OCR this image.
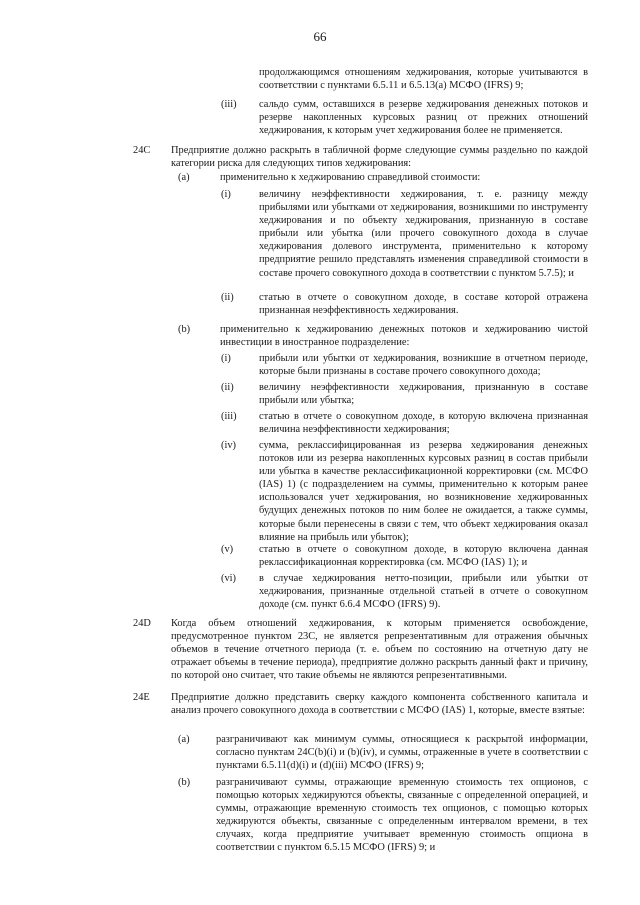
66
продолжающимся отношениям хеджирования, которые учитываются в соответствии с пунктами 6.5.11 и 6.5.13(a) МСФО (IFRS) 9;
(iii) сальдо сумм, оставшихся в резерве хеджирования денежных потоков и резерве накопленных курсовых разниц от прежних отношений хеджирования, к которым учет хеджирования более не применяется.
24C Предприятие должно раскрыть в табличной форме следующие суммы раздельно по каждой категории риска для следующих типов хеджирования:
(a)	применительно к хеджированию справедливой стоимости:
(i)	величину неэффективности хеджирования, т. е. разницу между прибылями или убытками от хеджирования, возникшими по инструменту хеджирования и по объекту хеджирования, признанную в составе прибыли или убытка (или прочего совокупного дохода в случае хеджирования долевого инструмента, применительно к которому предприятие решило представлять изменения справедливой стоимости в составе прочего совокупного дохода в соответствии с пунктом 5.7.5); и
(ii) статью в отчете о совокупном доходе, в составе которой отражена признанная неэффективность хеджирования.
(b)	применительно к хеджированию денежных потоков и хеджированию чистой инвестиции в иностранное подразделение:
(i)	прибыли или убытки от хеджирования, возникшие в отчетном периоде, которые были признаны в составе прочего совокупного дохода;
(ii) величину неэффективности хеджирования, признанную в составе прибыли или убытка;
(iii) статью в отчете о совокупном доходе, в которую включена признанная величина неэффективности хеджирования;
(iv) сумма, реклассифицированная из резерва хеджирования денежных потоков или из резерва накопленных курсовых разниц в состав прибыли или убытка в качестве реклассификационной корректировки (см. МСФО (IAS) 1) (с подразделением на суммы, применительно к которым ранее использовался учет хеджирования, но возникновение хеджированных будущих денежных потоков по ним более не ожидается, а также суммы, которые были перенесены в связи с тем, что объект хеджирования оказал влияние на прибыль или убыток);
(v) статью в отчете о совокупном доходе, в которую включена данная реклассификационная корректировка (см. МСФО (IAS) 1); и
(vi) в случае хеджирования нетто-позиции, прибыли или убытки от хеджирования, признанные отдельной статьей в отчете о совокупном доходе (см. пункт 6.6.4 МСФО (IFRS) 9).
24D Когда объем отношений хеджирования, к которым применяется освобождение, предусмотренное пунктом 23C, не является репрезентативным для отражения обычных объемов в течение отчетного периода (т. е. объем по состоянию на отчетную дату не отражает объемы в течение периода), предприятие должно раскрыть данный факт и причину, по которой оно считает, что такие объемы не являются репрезентативными.
24E Предприятие должно представить сверку каждого компонента собственного капитала и анализ прочего совокупного дохода в соответствии с МСФО (IAS) 1, которые, вместе взятые:
(a)	разграничивают как минимум суммы, относящиеся к раскрытой информации, согласно пунктам 24C(b)(i) и (b)(iv), и суммы, отраженные в учете в соответствии с пунктами 6.5.11(d)(i) и (d)(iii) МСФО (IFRS) 9;
(b) разграничивают суммы, отражающие временную стоимость тех опционов, с помощью которых хеджируются объекты, связанные с определенной операцией, и суммы, отражающие временную стоимость тех опционов, с помощью которых хеджируются объекты, связанные с определенным интервалом времени, в тех случаях, когда предприятие учитывает временную стоимость опциона в соответствии с пунктом 6.5.15 МСФО (IFRS) 9; и
